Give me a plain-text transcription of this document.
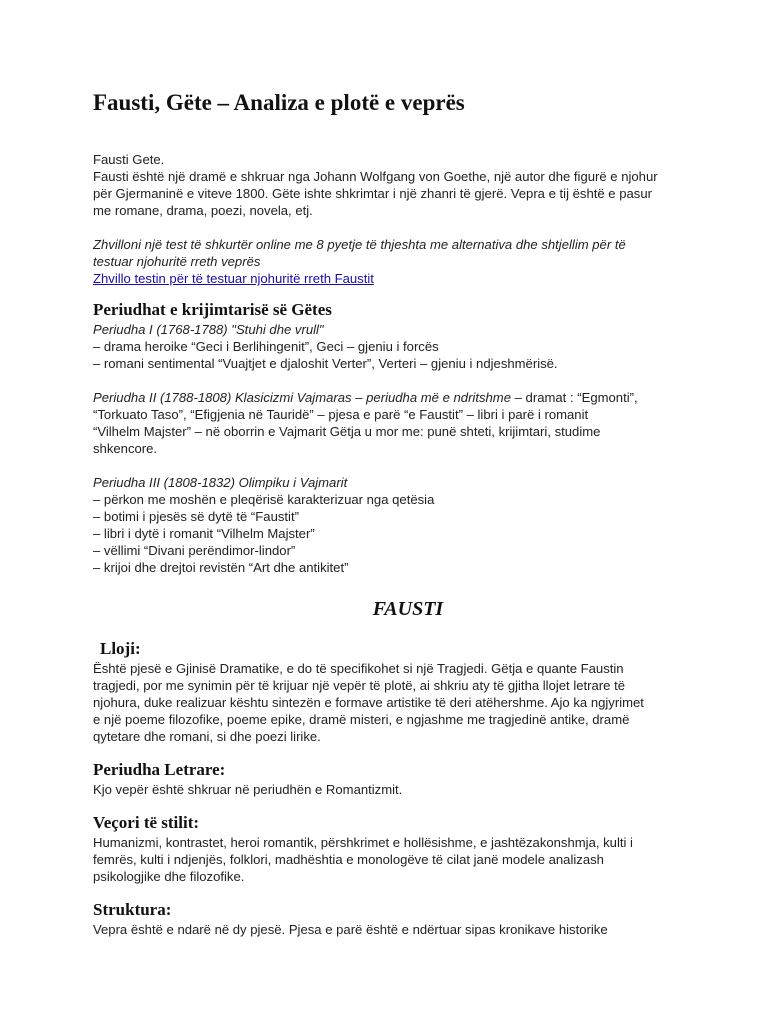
Fausti, Gëte – Analiza e plotë e veprës
Fausti Gete.
Fausti është një dramë e shkruar nga Johann Wolfgang von Goethe, një autor dhe figurë e njohur
për Gjermaninë e viteve 1800. Gëte ishte shkrimtar i një zhanri të gjerë. Vepra e tij është e pasur
me romane, drama, poezi, novela, etj.
Zhvilloni një test të shkurtër online me 8 pyetje të thjeshta me alternativa dhe shtjellim për të
testuar njohuritë rreth veprës
Zhvillo testin për të testuar njohuritë rreth Faustit
Periudhat e krijimtarisë së Gëtes
Periudha I (1768-1788) "Stuhi dhe vrull"
– drama heroike “Geci i Berlihingenit”, Geci – gjeniu i forcës
– romani sentimental “Vuajtjet e djaloshit Verter”, Verteri – gjeniu i ndjeshmërisë.
Periudha II (1788-1808) Klasicizmi Vajmaras – periudha më e ndritshme – dramat : “Egmonti”,
“Torkuato Taso”, “Efigjenia në Tauridë” – pjesa e parë “e Faustit” – libri i parë i romanit
“Vilhelm Majster” – në oborrin e Vajmarit Gëtja u mor me: punë shteti, krijimtari, studime
shkencore.
Periudha III (1808-1832) Olimpiku i Vajmarit
– përkon me moshën e pleqërisë karakterizuar nga qetësia
– botimi i pjesës së dytë të “Faustit”
– libri i dytë i romanit “Vilhelm Majster”
– vëllimi “Divani perëndimor-lindor”
– krijoi dhe drejtoi revistën “Art dhe antikitet”
FAUSTI
Lloji:
Është pjesë e Gjinisë Dramatike, e do të specifikohet si një Tragjedi. Gëtja e quante Faustin
tragjedi, por me synimin për të krijuar një vepër të plotë, ai shkriu aty të gjitha llojet letrare të
njohura, duke realizuar kështu sintezën e formave artistike të deri atëhershme. Ajo ka ngjyrimet
e një poeme filozofike, poeme epike, dramë misteri, e ngjashme me tragjedinë antike, dramë
qytetare dhe romani, si dhe poezi lirike.
Periudha Letrare:
Kjo vepër është shkruar në periudhën e Romantizmit.
Veçori të stilit:
Humanizmi, kontrastet, heroi romantik, përshkrimet e hollësishme, e jashtëzakonshmja, kulti i
femrës, kulti i ndjenjës, folklori, madhështia e monologëve të cilat janë modele analizash
psikologjike dhe filozofike.
Struktura:
Vepra është e ndarë në dy pjesë. Pjesa e parë është e ndërtuar sipas kronikave historike
